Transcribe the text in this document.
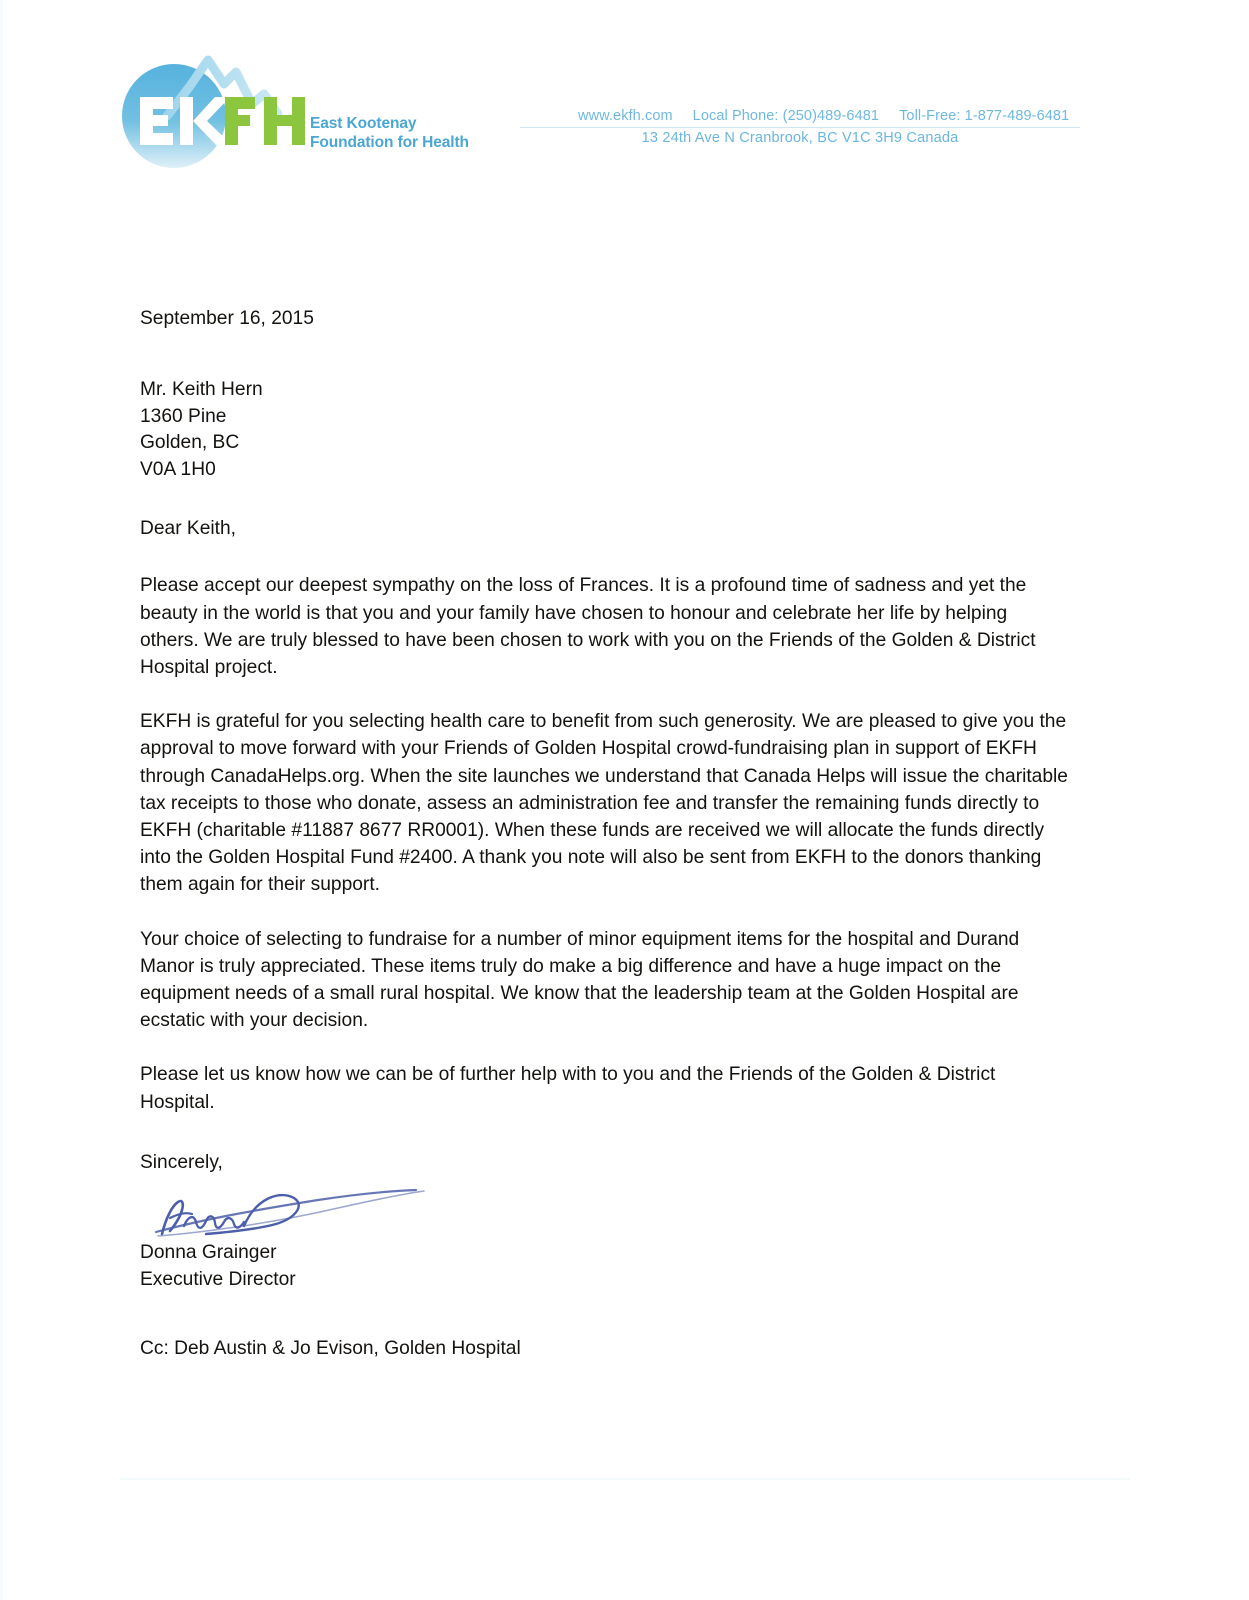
East Kootenay
Foundation for Health
www.ekfh.com Local Phone: (250)489-6481 Toll-Free: 1-877-489-6481
13 24th Ave N Cranbrook, BC V1C 3H9 Canada
September 16, 2015
Mr. Keith Hern
1360 Pine
Golden, BC
V0A 1H0
Dear Keith,

Please accept our deepest sympathy on the loss of Frances. It is a profound time of sadness and yet the beauty in the world is that you and your family have chosen to honour and celebrate her life by helping others. We are truly blessed to have been chosen to work with you on the Friends of the Golden & District Hospital project.

EKFH is grateful for you selecting health care to benefit from such generosity. We are pleased to give you the approval to move forward with your Friends of Golden Hospital crowd-fundraising plan in support of EKFH through CanadaHelps.org. When the site launches we understand that Canada Helps will issue the charitable tax receipts to those who donate, assess an administration fee and transfer the remaining funds directly to EKFH (charitable #11887 8677 RR0001). When these funds are received we will allocate the funds directly into the Golden Hospital Fund #2400. A thank you note will also be sent from EKFH to the donors thanking them again for their support.

Your choice of selecting to fundraise for a number of minor equipment items for the hospital and Durand Manor is truly appreciated. These items truly do make a big difference and have a huge impact on the equipment needs of a small rural hospital. We know that the leadership team at the Golden Hospital are ecstatic with your decision.

Please let us know how we can be of further help with to you and the Friends of the Golden & District Hospital.

Sincerely,
Donna Grainger
Executive Director
Cc: Deb Austin & Jo Evison, Golden Hospital
